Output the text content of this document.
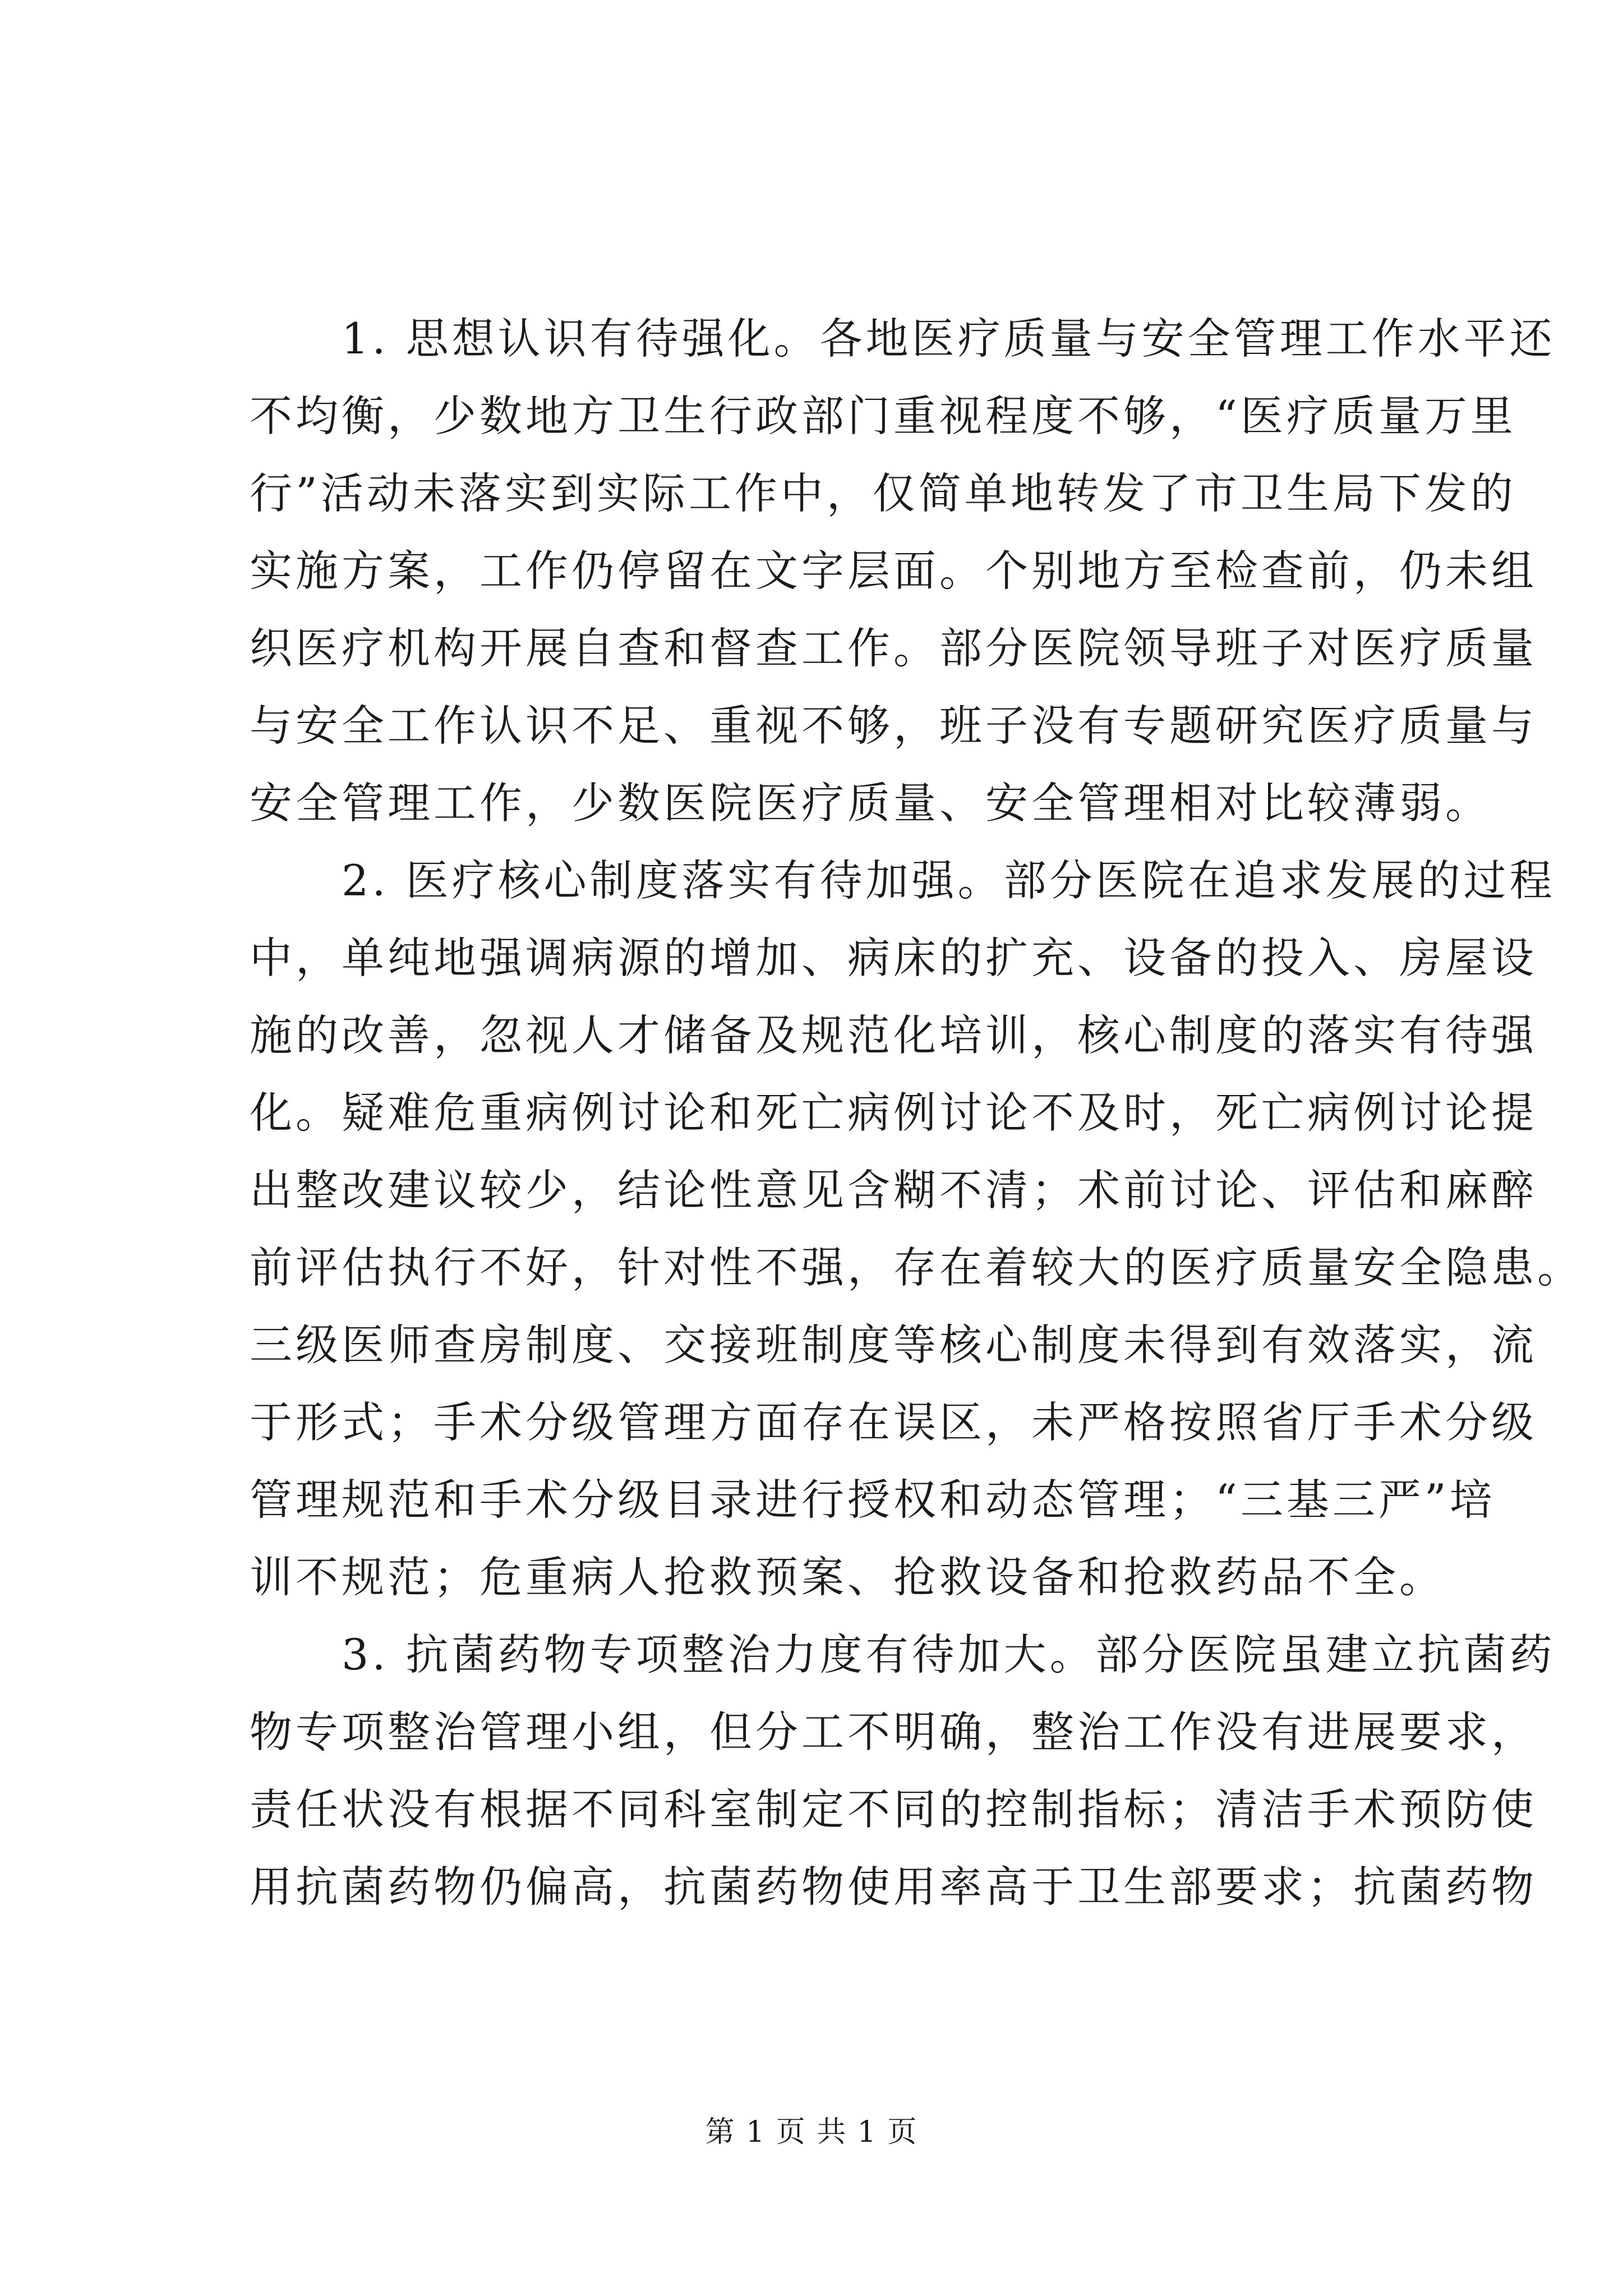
　　1. 思想认识有待强化。各地医疗质量与安全管理工作水平还
不均衡，少数地方卫生行政部门重视程度不够，“医疗质量万里
行”活动未落实到实际工作中，仅简单地转发了市卫生局下发的
实施方案，工作仍停留在文字层面。个别地方至检查前，仍未组
织医疗机构开展自查和督查工作。部分医院领导班子对医疗质量
与安全工作认识不足、重视不够，班子没有专题研究医疗质量与
安全管理工作，少数医院医疗质量、安全管理相对比较薄弱。
　　2. 医疗核心制度落实有待加强。部分医院在追求发展的过程
中，单纯地强调病源的增加、病床的扩充、设备的投入、房屋设
施的改善，忽视人才储备及规范化培训，核心制度的落实有待强
化。疑难危重病例讨论和死亡病例讨论不及时，死亡病例讨论提
出整改建议较少，结论性意见含糊不清；术前讨论、评估和麻醉
前评估执行不好，针对性不强，存在着较大的医疗质量安全隐患。
三级医师查房制度、交接班制度等核心制度未得到有效落实，流
于形式；手术分级管理方面存在误区，未严格按照省厅手术分级
管理规范和手术分级目录进行授权和动态管理；“三基三严”培
训不规范；危重病人抢救预案、抢救设备和抢救药品不全。
　　3. 抗菌药物专项整治力度有待加大。部分医院虽建立抗菌药
物专项整治管理小组，但分工不明确，整治工作没有进展要求，
责任状没有根据不同科室制定不同的控制指标；清洁手术预防使
用抗菌药物仍偏高，抗菌药物使用率高于卫生部要求；抗菌药物
第 1 页 共 1 页
